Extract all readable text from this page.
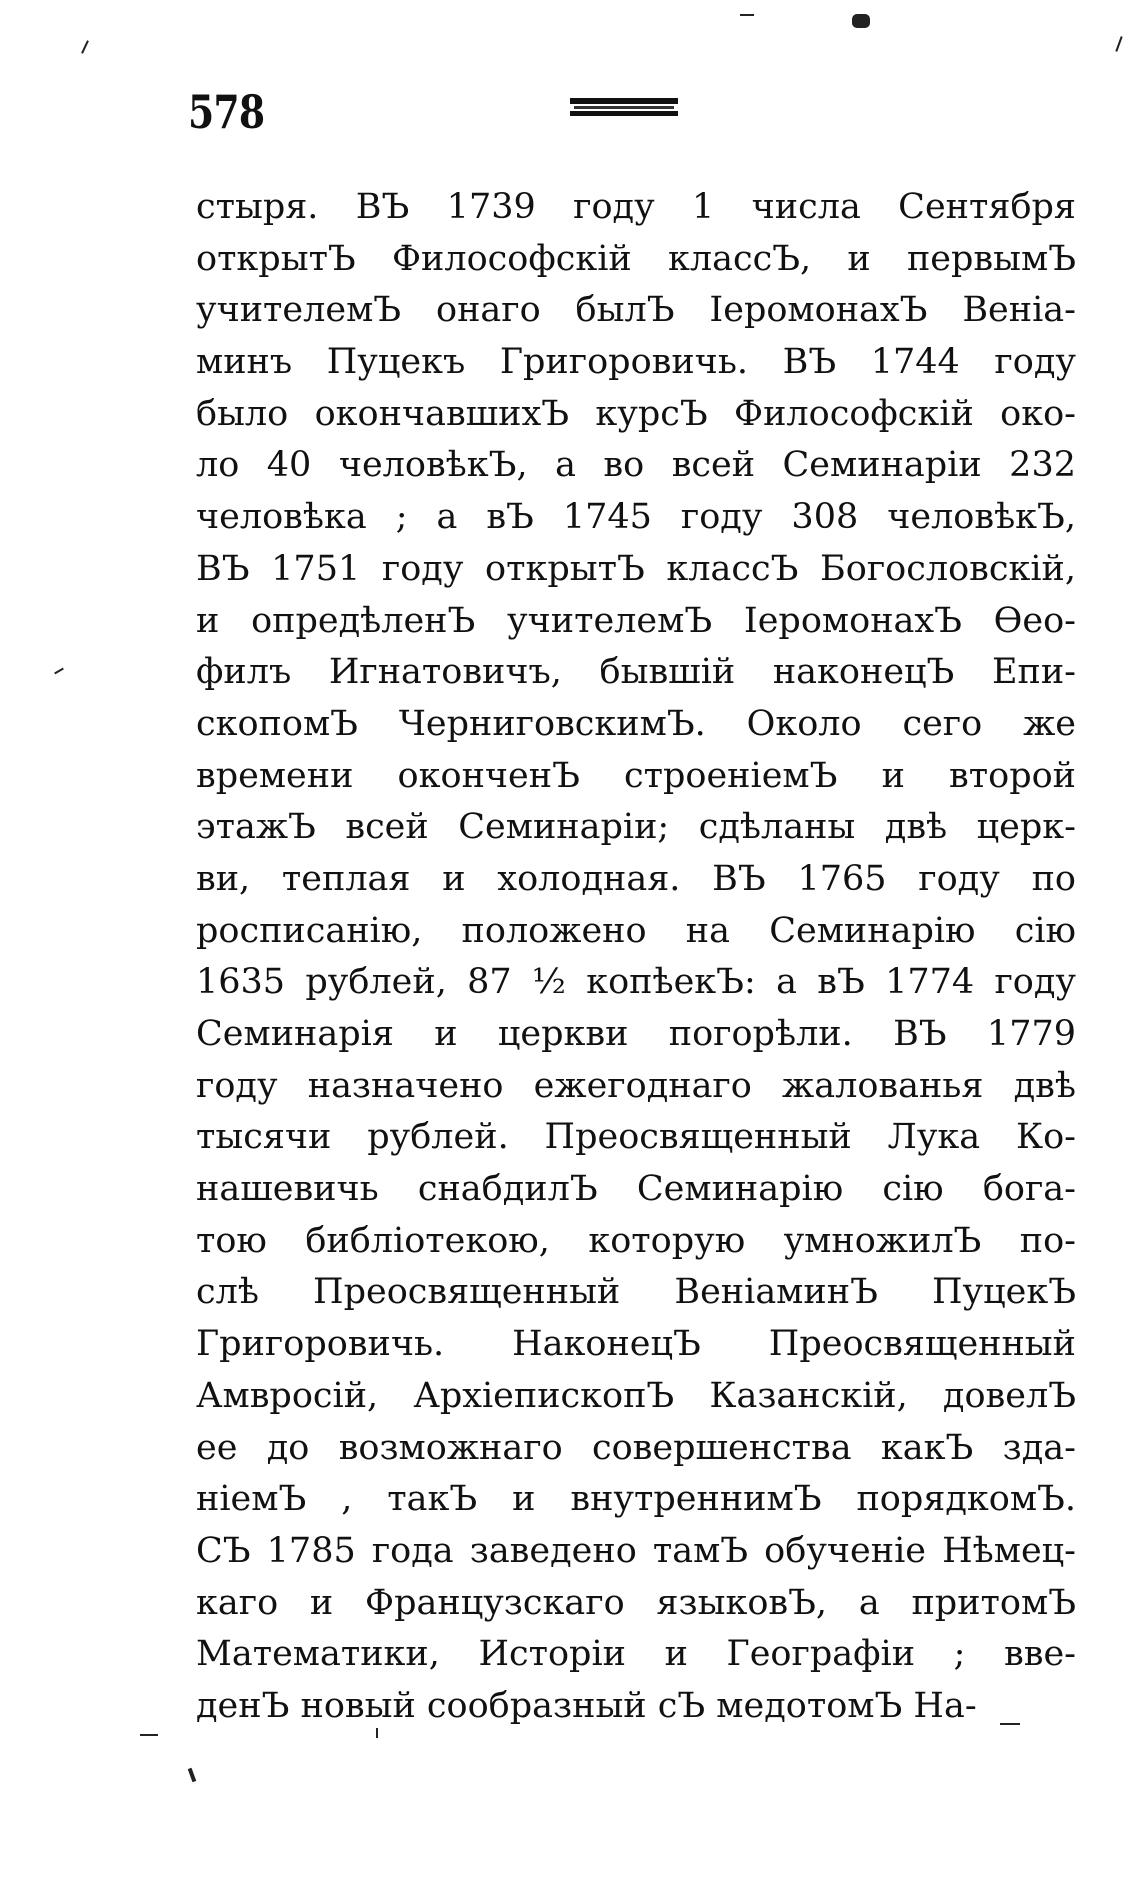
578
стыря. ВЪ 1739 году 1 числа Сентября
открытЪ Философскій классЪ, и первымЪ
учителемЪ онаго былЪ ІеромонахЪ Веніа-
минъ Пуцекъ Григоровичь. ВЪ 1744 году
было окончавшихЪ курсЪ Философскій око-
ло 40 человѣкЪ, а во всей Семинаріи 232
человѣка ; а вЪ 1745 году 308 человѣкЪ,
ВЪ 1751 году открытЪ классЪ Богословскій,
и опредѣленЪ учителемЪ ІеромонахЪ Ѳео-
филъ Игнатовичъ, бывшій наконецЪ Епи-
скопомЪ ЧерниговскимЪ. Около сего же
времени оконченЪ строеніемЪ и второй
этажЪ всей Семинаріи; сдѣланы двѣ церк-
ви, теплая и холодная. ВЪ 1765 году по
росписанію, положено на Семинарію сію
1635 рублей, 87 ½ копѣекЪ: а вЪ 1774 году
Семинарія и церкви погорѣли. ВЪ 1779
году назначено ежегоднаго жалованья двѣ
тысячи рублей. Преосвященный Лука Ко-
нашевичь снабдилЪ Семинарію сію бога-
тою библіотекою, которую умножилЪ по-
слѣ Преосвященный ВеніаминЪ ПуцекЪ
Григоровичь. НаконецЪ Преосвященный
Амвросій, АрхіепископЪ Казанскій, довелЪ
ее до возможнаго совершенства какЪ зда-
ніемЪ , такЪ и внутреннимЪ порядкомЪ.
СЪ 1785 года заведено тамЪ обученіе Нѣмец-
каго и Французскаго языковЪ, а притомЪ
Математики, Исторіи и Географіи ; вве-
денЪ новый сообразный сЪ медотомЪ На-
